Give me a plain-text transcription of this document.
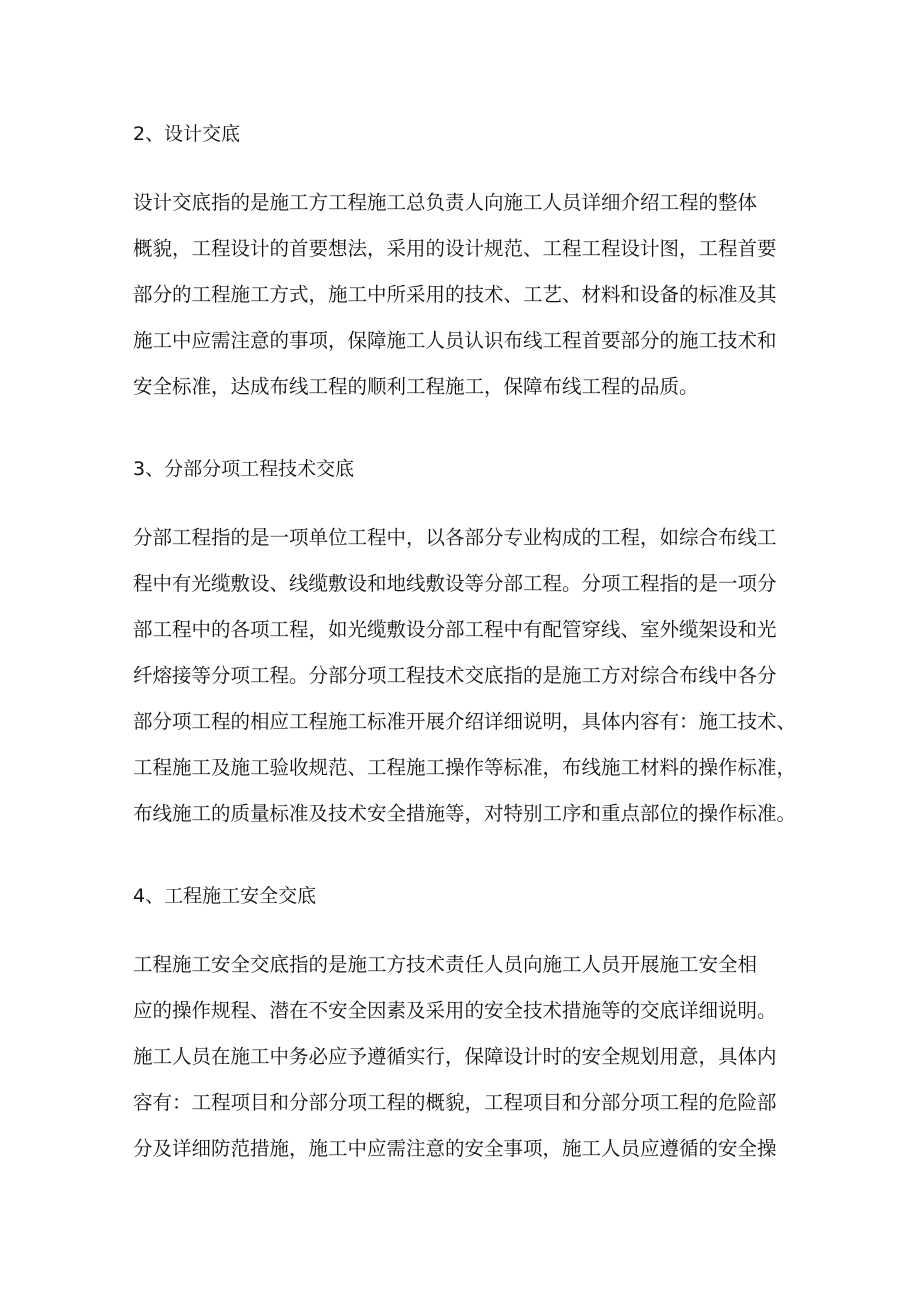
2、设计交底
设计交底指的是施工方工程施工总负责人向施工人员详细介绍工程的整体
概貌，工程设计的首要想法，采用的设计规范、工程工程设计图，工程首要
部分的工程施工方式，施工中所采用的技术、工艺、材料和设备的标准及其
施工中应需注意的事项，保障施工人员认识布线工程首要部分的施工技术和
安全标准，达成布线工程的顺利工程施工，保障布线工程的品质。
3、分部分项工程技术交底
分部工程指的是一项单位工程中，以各部分专业构成的工程，如综合布线工
程中有光缆敷设、线缆敷设和地线敷设等分部工程。分项工程指的是一项分
部工程中的各项工程，如光缆敷设分部工程中有配管穿线、室外缆架设和光
纤熔接等分项工程。分部分项工程技术交底指的是施工方对综合布线中各分
部分项工程的相应工程施工标准开展介绍详细说明，具体内容有：施工技术、
工程施工及施工验收规范、工程施工操作等标准，布线施工材料的操作标准，
布线施工的质量标准及技术安全措施等，对特别工序和重点部位的操作标准。
4、工程施工安全交底
工程施工安全交底指的是施工方技术责任人员向施工人员开展施工安全相
应的操作规程、潜在不安全因素及采用的安全技术措施等的交底详细说明。
施工人员在施工中务必应予遵循实行，保障设计时的安全规划用意，具体内
容有：工程项目和分部分项工程的概貌，工程项目和分部分项工程的危险部
分及详细防范措施，施工中应需注意的安全事项，施工人员应遵循的安全操
